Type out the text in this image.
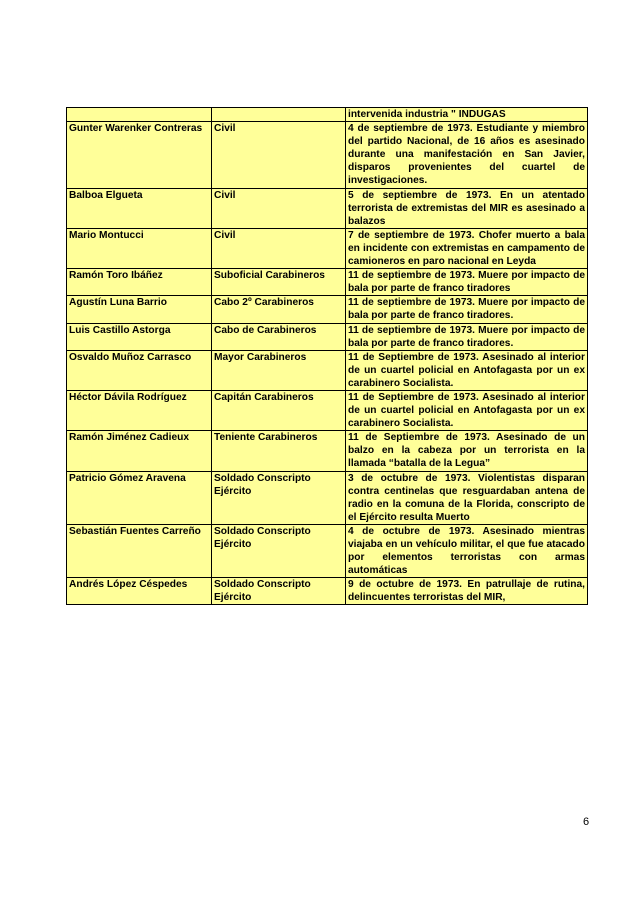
		intervenida industria " INDUGAS
Gunter Warenker Contreras	Civil	4 de septiembre de 1973. Estudiante y miembro del partido Nacional, de 16 años es asesinado durante una manifestación en San Javier, disparos provenientes del cuartel de investigaciones.
Balboa Elgueta	Civil	5 de septiembre de 1973. En un atentado terrorista de extremistas del MIR es asesinado a balazos
Mario Montucci	Civil	7 de septiembre de 1973. Chofer muerto a bala en incidente con extremistas en campamento de camioneros en paro nacional en Leyda
Ramón Toro Ibáñez	Suboficial Carabineros	11 de septiembre de 1973. Muere por impacto de bala por parte de franco tiradores
Agustín Luna Barrio	Cabo 2º Carabineros	11 de septiembre de 1973. Muere por impacto de bala por parte de franco tiradores.
Luis Castillo Astorga	Cabo de Carabineros	11 de septiembre de 1973. Muere por impacto de bala por parte de franco tiradores.
Osvaldo Muñoz Carrasco	Mayor Carabineros	11 de Septiembre de 1973. Asesinado al interior de un cuartel policial en Antofagasta por un ex carabinero Socialista.
Héctor Dávila Rodríguez	Capitán Carabineros	11 de Septiembre de 1973. Asesinado al interior de un cuartel policial en Antofagasta por un ex carabinero Socialista.
Ramón Jiménez Cadieux	Teniente Carabineros	11 de Septiembre de 1973. Asesinado de un balzo en la cabeza por un terrorista en la llamada “batalla de la Legua”
Patricio Gómez Aravena	Soldado Conscripto Ejército	3 de octubre de 1973. Violentistas disparan contra centinelas que resguardaban antena de radio en la comuna de la Florida, conscripto de el Ejército resulta Muerto
Sebastián Fuentes Carreño	Soldado Conscripto Ejército	4 de octubre de 1973. Asesinado mientras viajaba en un vehículo militar, el que fue atacado por elementos terroristas con armas automáticas
Andrés López Céspedes	Soldado Conscripto Ejército	9 de octubre de 1973. En patrullaje de rutina, delincuentes terroristas del MIR,
6
